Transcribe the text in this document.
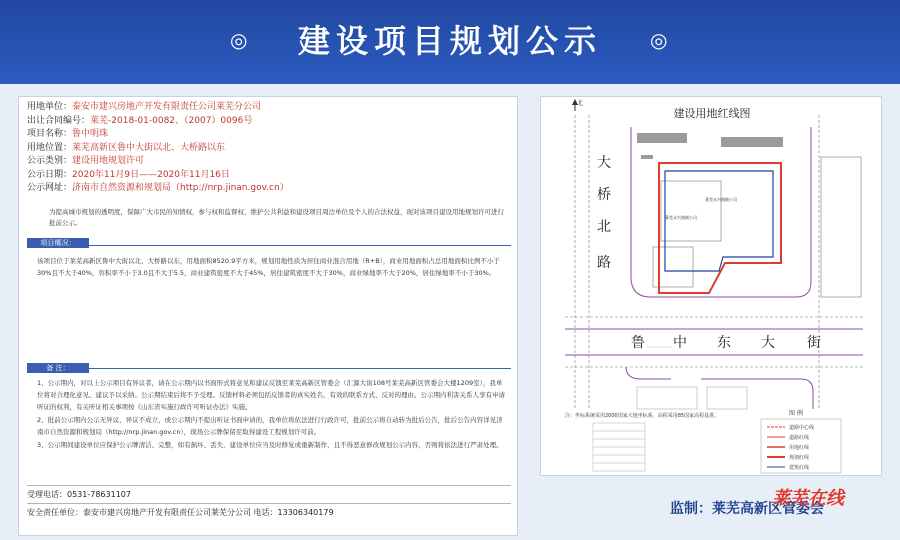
◎	建设项目规划公示	◎
用地单位：泰安市建兴房地产开发有限责任公司莱芜分公司
出让合同编号：莱芜-2018-01-0082、（2007）0096号
项目名称：鲁中明珠
用地位置：莱芜高新区鲁中大街以北、大桥路以东
公示类别：建设用地规划许可
公示日期：2020年11月9日——2020年11月16日
公示网址：济南市自然资源和规划局（http://nrp.jinan.gov.cn）
为提高城市规划的透明度，保障广大市民的知情权，参与权和监督权，维护公共利益和建设项目周边单位及个人的合法权益，现对该项目建设用地规划许可进行批前公示。
项目概况：
该项目位于莱芜高新区鲁中大街以北、大桥路以东，用地面积8520.9平方米，规划用地性质为居住商业混合用地（R+B），商业用地面积占总用地面积比例不小于30%且不大于40%，容积率不小于3.0且不大于5.5，商业建筑密度不大于45%，居住建筑密度不大于30%，商业绿地率不大于20%，居住绿地率不小于30%。
备 注：
1、公示期内，对以上公示项目有异议者，请在公示期内以书面形式将意见和建议反馈至莱芜高新区管委会（汇源大街108号莱芜高新区管委会大楼1209室），我单位将对合理化意见、建议予以采纳。公示期结束后将不予受理。反馈材料必须包括反馈者的真实姓名、有效的联系方式、反对的理由。公示期内利害关系人享有申请听证的权利，有关听证相关事项按《山东省实施行政许可听证办法》实施。
2、批前公示期内公示无异议、异议不成立，或公示期内不提出听证书面申请的，我单位将依法进行行政许可，批前公示将自动转为批后公告，批后公告内容详见济南市自然资源和规划局（http://nrp.jinan.gov.cn），现场公示牌保留至取得建设工程规划许可前。
3、公示期间建设单位应保护公示牌清洁、完整，如有损坏、丢失，建设单位应当及时修复或重新制作，且不得恶意修改规划公示内容，否则将依法进行严肃处理。
受理电话：0531-78631107
安全责任单位：泰安市建兴房地产开发有限责任公司莱芜分公司 电话：13306340179
建设用地红线图
北
莱芜永兴商铺公司
莱芜永兴商铺公司
大
桥
北
路
鲁 中 东 大 街
注：坐标系统采用2000国家大地坐标系，高程采用85国家高程基准。	图 例
道路中心线
道路红线
用地红线
规划红线
建筑红线
监制：莱芜高新区管委会
莱芜在线
